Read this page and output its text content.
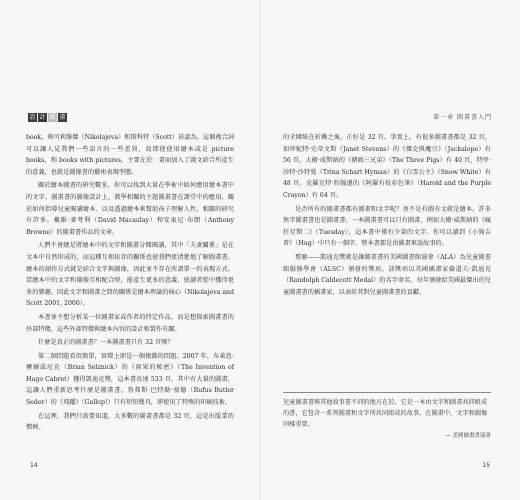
設 計 圖 畫

book，夠可莉維傑（Nikolajeva）和斯科特（Scott）甚認為，這個複合詞可以讓人見我們一些語言的一些差異，故即使使用繪本或是 picture books，和 books with pictures，主要在於：畫面加入了圖文結合所產生的意義，也就是圖像書的藝術表現型態。

關於繪本圖書的研究數多，你可以找到大量在學術中如何應用繪本書中的文字、圖畫書的圖像設計上，教學相關的主題圖畫書在課堂中的應用，關於如何指導兒童閱讀繪本、以及透過繪本來幫助孩子理解人性，相關的研究有許多。戴維·麥考利（David Macaulay）和安東尼·布朗（Anthony Browne）的圖畫書作品的文章。

人們不會總是將繪本中的文字和圖畫分開閱讀，其中「夫妻關係」是在文本中自然形成的，而這種互相依存的關係也使我們更清楚地了解圖畫書。繪本的創作方式就是結合文字與圖像，因此並不存在所謂單一的表現方式。當繪本中的文字和圖像互相配合時，能產生更多的意義，使讀者從中獲得更多的樂趣。因此文字和圖畫之間的關係是繪本理論的核心（Nikolajeva and Scott 2001, 2006）。

本書並不想分析某一位圖畫家或作者的特定作品，而是想探索圖畫書的外部特徵，這些外部特徵與繪本內容的設計和製作有關。

什麼是真正的圖畫書？一本圖畫書只有 32 頁嗎？

第二個問題看似簡單，實際上卻是一個複雜的問題。2007 年，布萊恩·賽爾茲尼克（Brian Selznick）的《雨果的秘密》（The Invention of Hugo Cabret）獲得凱迪克獎，這本書長達 533 頁，其中有大量的圖畫，這讓人們重新思考什麼是圖畫書。魯弗斯·巴特勒·塞德（Rufus Butler Seder）的《飛躍》（Gallop!）只有短短幾頁，卻使用了特殊的印刷技術。

在這裡，我們只需要知道，大多數的圖畫書都是 32 頁，這是出版業的慣例。

14
第一章 圖畫書入門

的全開紙在折疊之後，正好是 32 頁。事實上，有很多圖畫書都是 32 頁，如珍妮特·史蒂文斯（Janet Stevens）的《傑克與魔豆》（Jackalope）有 56 頁，大衛·威斯納的《豬頭三兄弟》（The Three Pigs）有 40 頁，特里·沙特·沙特曼（Trina Schart Hyman）的《白雪公主》（Snow White）有 48 頁。克羅克特·約翰遜的《阿羅有枝彩色筆》（Harold and the Purple Crayon）有 64 頁。

是否所有的圖畫書都有圖畫和文字呢？並不是有圖有文就是繪本。許多無字圖畫書也是圖畫書。一本圖畫書可以只有圖畫，例如大衛·威斯納的《瘋狂星期二》（Tuesday），這本書中僅有少量的文字。你可以讀到《小狗吉普》（Hug）中只有一個字，整本書都是由圖畫來說故事的。

那麼——凱迪克獎就是讓圖畫書的美國圖書館協會（ALA）為兒童圖書館服務學會（ALSC）頒發的獎項。該獎項以英國插畫家倫道夫·凱迪克（Randolph Caldecott Medal）的名字命名，每年頒發給美國最傑出的兒童圖畫書的插畫家，以表彰其對兒童圖畫書的貢獻。

兒童圖畫書與其他故事書不同的地方在於，它是一本由文字和圖畫共同組成的書，它包含一系列圖畫和文字所共同組成的故事，在圖畫中，文字和圖像同樣重要。
— 美國圖畫書協會
15
